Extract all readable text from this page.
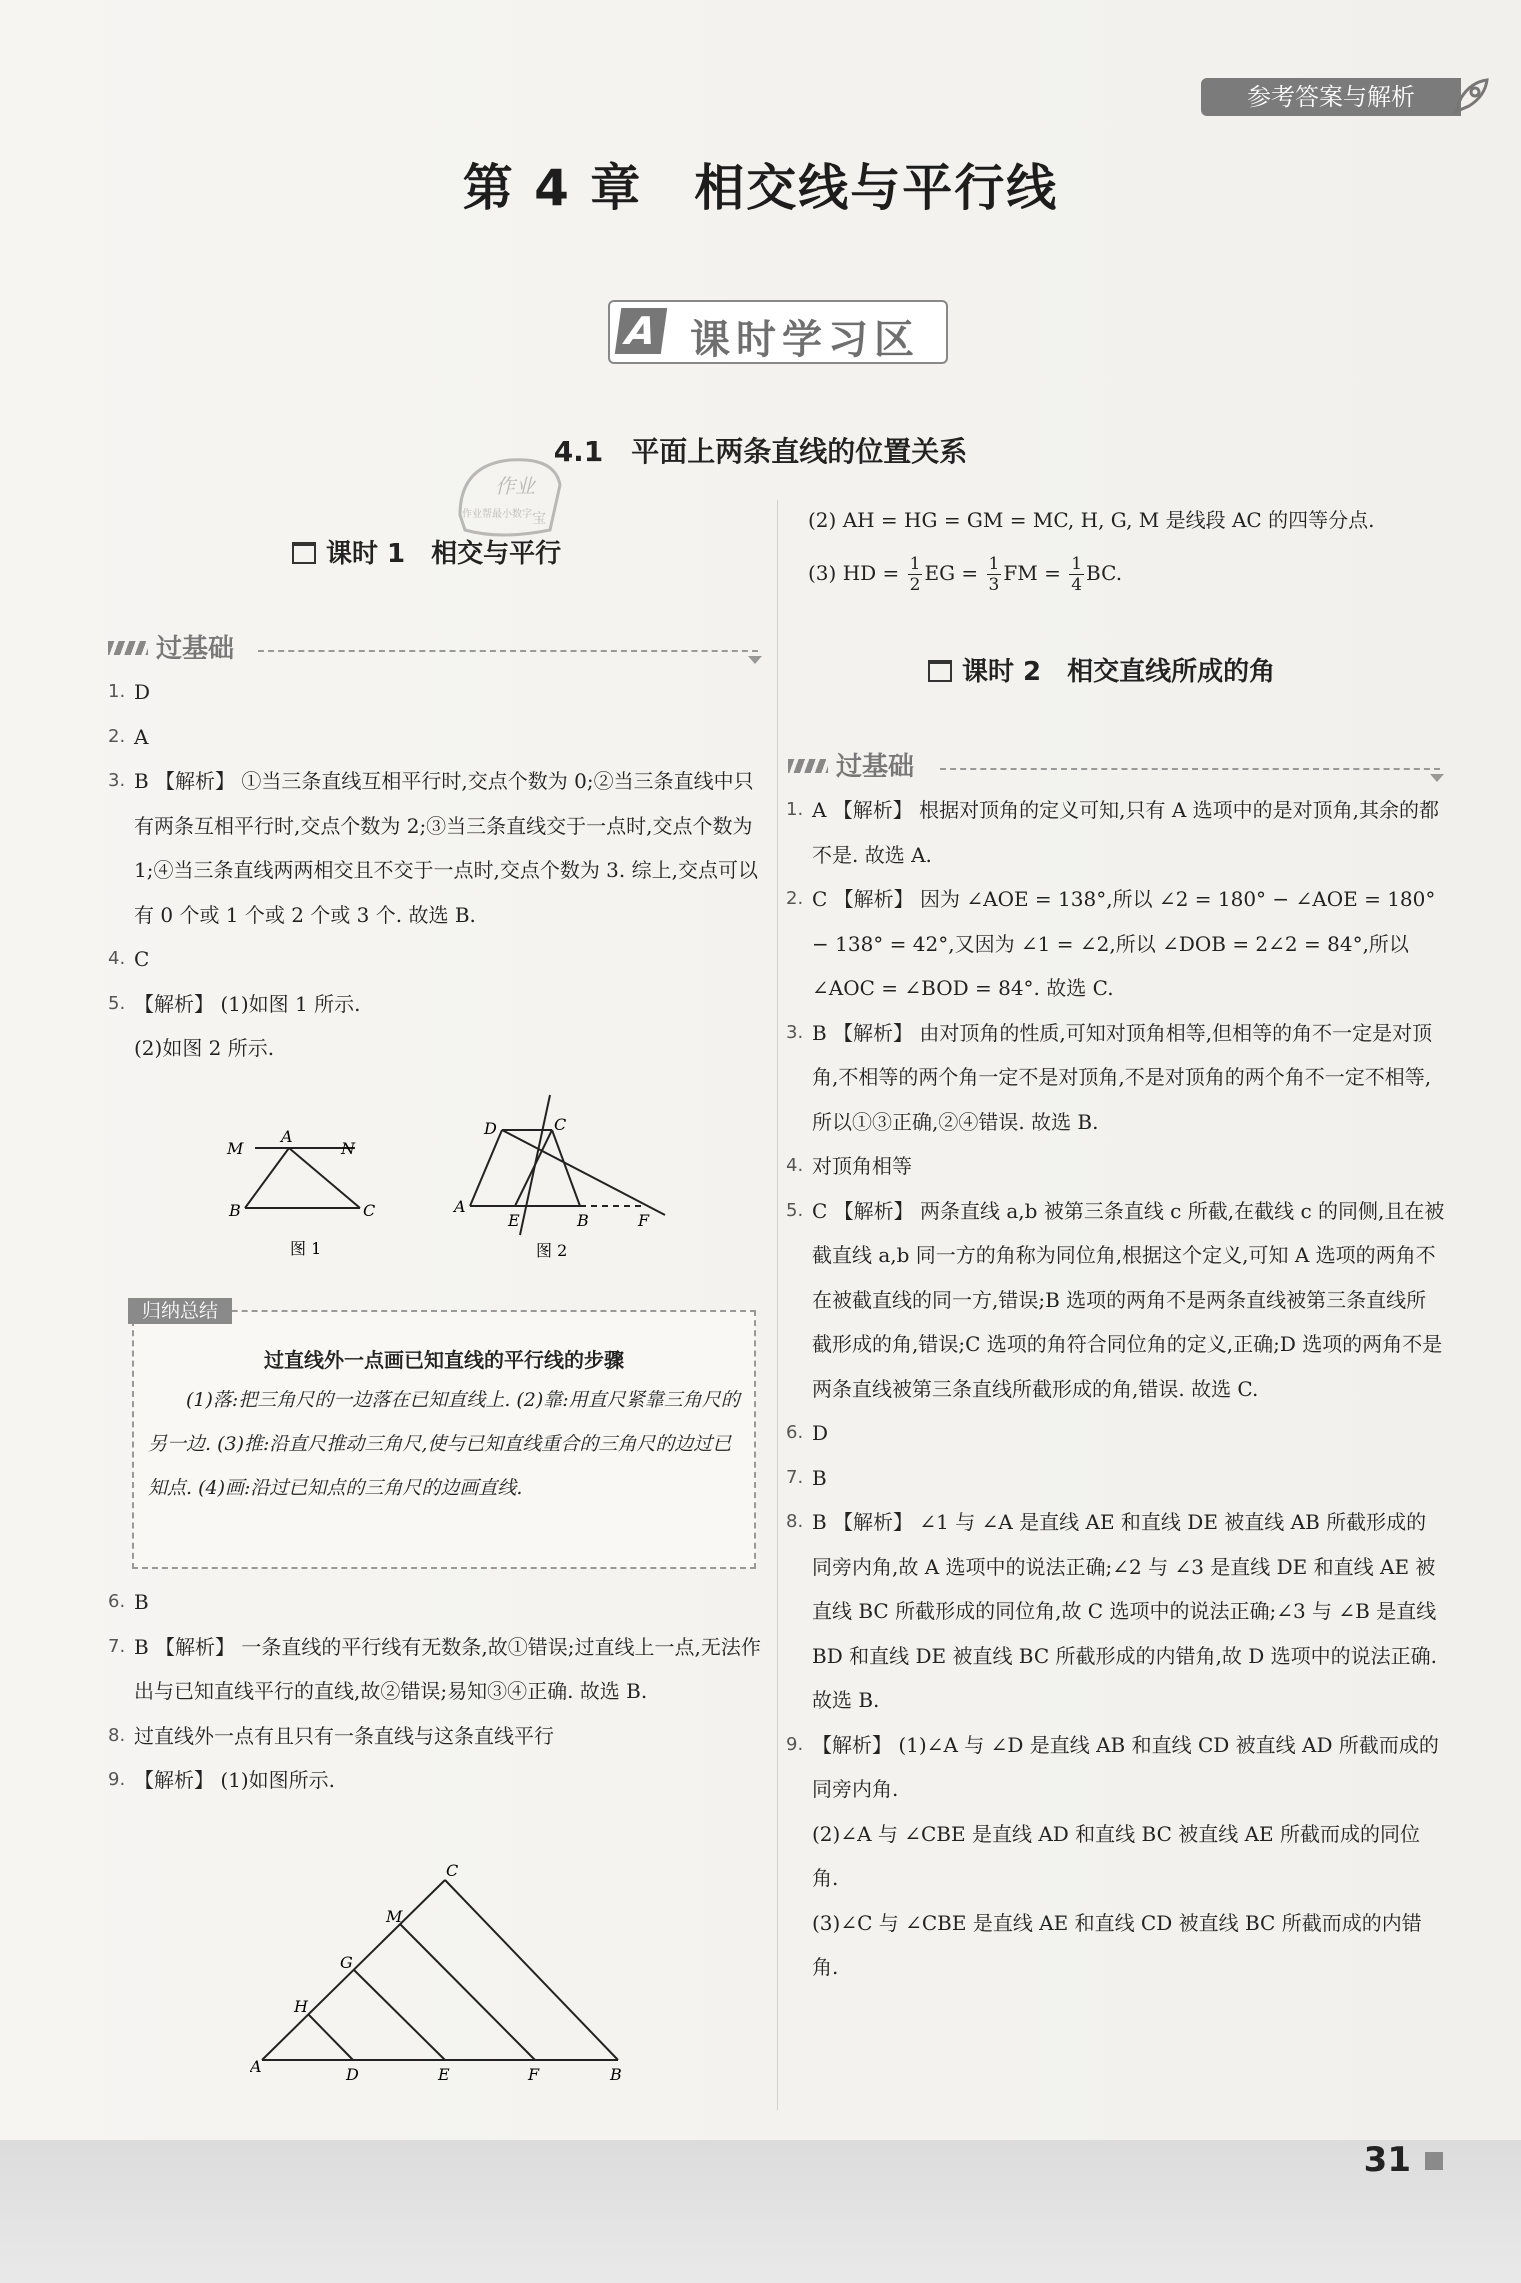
参考答案与解析
第 4 章　相交线与平行线
A 课时学习区
4.1　平面上两条直线的位置关系
作业
作业帮最小数字 宝
课时 1　相交与平行
过基础
1. D
2. A
3. B 【解析】 ①当三条直线互相平行时,交点个数为 0;②当三条直线中只有两条互相平行时,交点个数为 2;③当三条直线交于一点时,交点个数为 1;④当三条直线两两相交且不交于一点时,交点个数为 3. 综上,交点可以有 0 个或 1 个或 2 个或 3 个. 故选 B.
4. C
5. 【解析】 (1)如图 1 所示.
(2)如图 2 所示.
M
A
N
B	C
图 1
D	C
A
E	B	F
图 2
过直线外一点画已知直线的平行线的步骤
(1)落:把三角尺的一边落在已知直线上. (2)靠:用直尺紧靠三角尺的另一边. (3)推:沿直尺推动三角尺,使与已知直线重合的三角尺的边过已知点. (4)画:沿过已知点的三角尺的边画直线.
归纳总结
6. B
7. B 【解析】 一条直线的平行线有无数条,故①错误;过直线上一点,无法作出与已知直线平行的直线,故②错误;易知③④正确. 故选 B.
8. 过直线外一点有且只有一条直线与这条直线平行
9. 【解析】 (1)如图所示.
C
M
G
H
A	D	E	F	B
(2) AH = HG = GM = MC, H, G, M 是线段 AC 的四等分点.
(3) HD = $\frac{1}{2}$ EG = $\frac{1}{3}$ FM = $\frac{1}{4}$ BC.
课时 2　相交直线所成的角
过基础
1. A 【解析】 根据对顶角的定义可知,只有 A 选项中的是对顶角,其余的都不是. 故选 A.
2. C 【解析】 因为 ∠AOE = 138°,所以 ∠2 = 180° − ∠AOE = 180° − 138° = 42°,又因为 ∠1 = ∠2,所以 ∠DOB = 2∠2 = 84°,所以 ∠AOC = ∠BOD = 84°. 故选 C.
3. B 【解析】 由对顶角的性质,可知对顶角相等,但相等的角不一定是对顶角,不相等的两个角一定不是对顶角,不是对顶角的两个角不一定不相等,所以①③正确,②④错误. 故选 B.
4. 对顶角相等
5. C 【解析】 两条直线 a,b 被第三条直线 c 所截,在截线 c 的同侧,且在被截直线 a,b 同一方的角称为同位角,根据这个定义,可知 A 选项的两角不在被截直线的同一方,错误;B 选项的两角不是两条直线被第三条直线所截形成的角,错误;C 选项的角符合同位角的定义,正确;D 选项的两角不是两条直线被第三条直线所截形成的角,错误. 故选 C.
6. D
7. B
8. B 【解析】 ∠1 与 ∠A 是直线 AE 和直线 DE 被直线 AB 所截形成的同旁内角,故 A 选项中的说法正确;∠2 与 ∠3 是直线 DE 和直线 AE 被直线 BC 所截形成的同位角,故 C 选项中的说法正确;∠3 与 ∠B 是直线 BD 和直线 DE 被直线 BC 所截形成的内错角,故 D 选项中的说法正确. 故选 B.
9. 【解析】 (1)∠A 与 ∠D 是直线 AB 和直线 CD 被直线 AD 所截而成的同旁内角.
(2)∠A 与 ∠CBE 是直线 AD 和直线 BC 被直线 AE 所截而成的同位角.
(3)∠C 与 ∠CBE 是直线 AE 和直线 CD 被直线 BC 所截而成的内错角.
31
